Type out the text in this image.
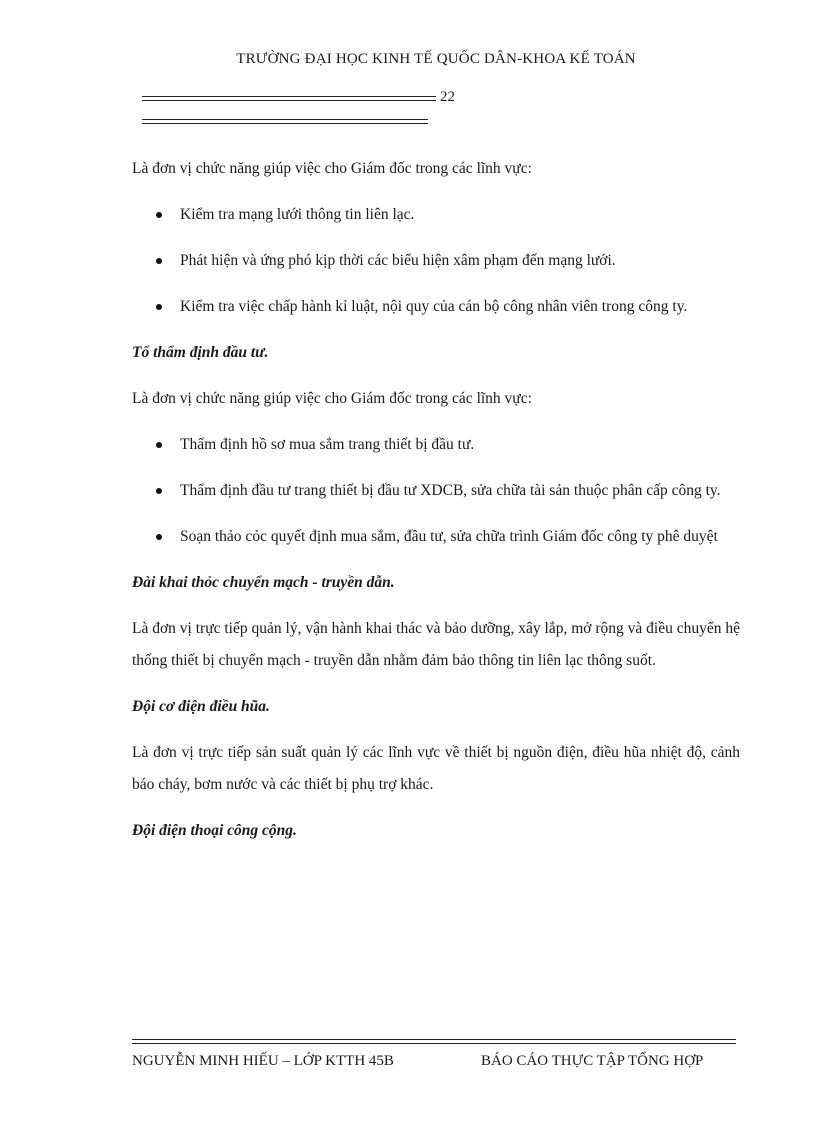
TRƯỜNG ĐẠI HỌC KINH TẾ QUỐC DÂN-KHOA KẾ TOÁN
22

Là đơn vị chức năng giúp việc cho Giám đốc trong các lĩnh vực:

Kiểm tra mạng lưới thông tin liên lạc.
Phát hiện và ứng phó kịp thời các biểu hiện xâm phạm đến mạng lưới.
Kiểm tra việc chấp hành kỉ luật, nội quy của cán bộ công nhân viên trong công ty.

Tổ thẩm định đầu tư.

Là đơn vị chức năng giúp việc cho Giám đốc trong các lĩnh vực:

Thẩm định hồ sơ mua sắm trang thiết bị đầu tư.
Thẩm định đầu tư trang thiết bị đầu tư XDCB, sửa chữa tài sản thuộc phân cấp công ty.
Soạn thảo cỏc quyết định mua sắm, đầu tư, sửa chữa trình Giám đốc công ty phê duyệt

Đài khai thỏc chuyển mạch - truyền dẫn.

Là đơn vị trực tiếp quản lý, vận hành khai thác và bảo dưỡng, xây lắp, mở rộng và điều chuyển hệ thống thiết bị chuyển mạch - truyền dẫn nhằm đảm bảo thông tin liên lạc thông suốt.

Đội cơ điện điều hũa.

Là đơn vị trực tiếp sản suất quản lý các lĩnh vực về thiết bị nguồn điện, điều hũa nhiệt độ, cảnh báo cháy, bơm nước và các thiết bị phụ trợ khác.

Đội điện thoại công cộng.

NGUYỄN MINH HIẾU – LỚP KTTH 45B	BÁO CÁO THỰC TẬP TỔNG HỢP
